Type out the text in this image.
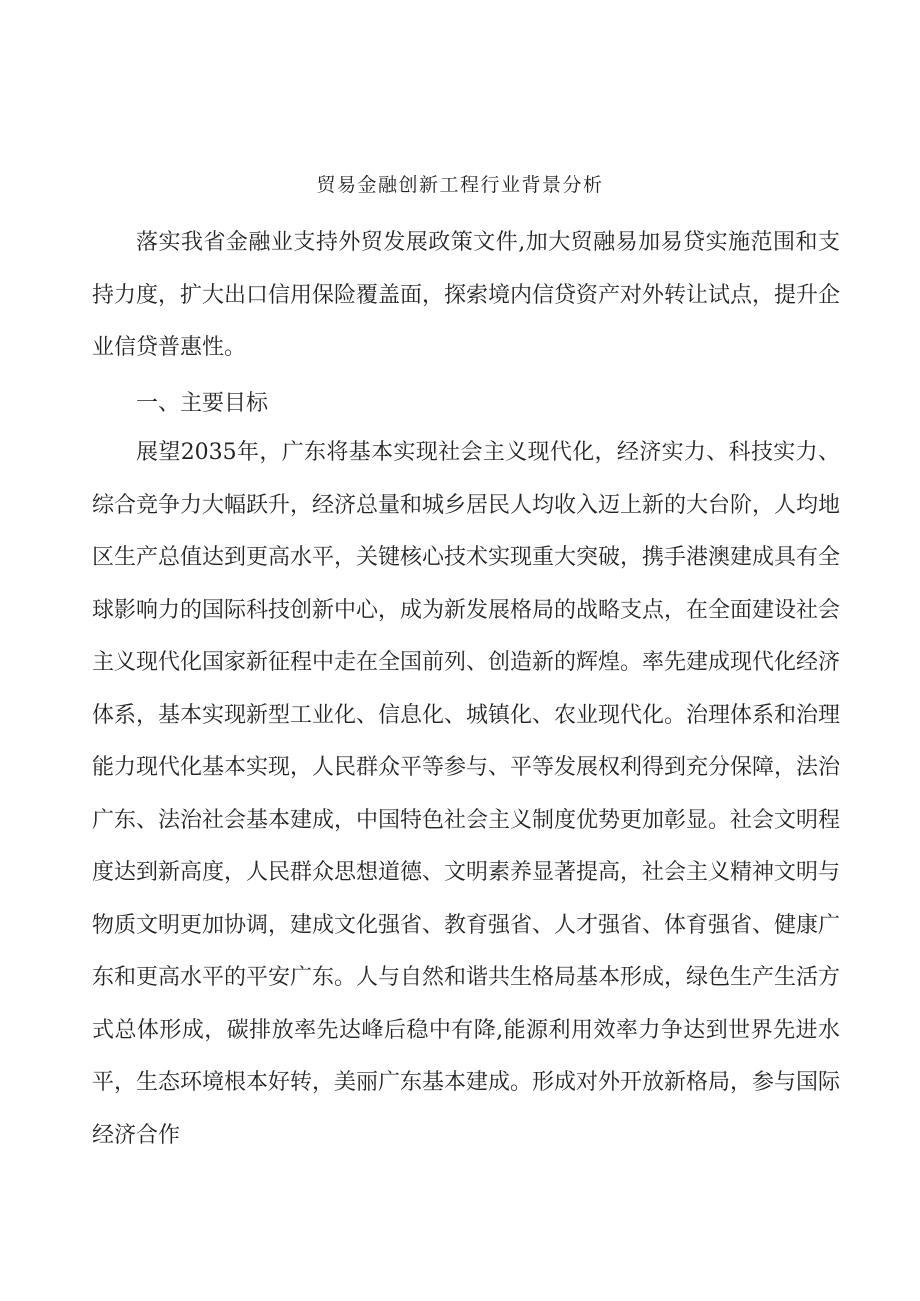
贸易金融创新工程行业背景分析

落实我省金融业支持外贸发展政策文件,加大贸融易加易贷实施范围和支持力度，扩大出口信用保险覆盖面，探索境内信贷资产对外转让试点，提升企业信贷普惠性。

一、主要目标

展望2035年，广东将基本实现社会主义现代化，经济实力、科技实力、综合竞争力大幅跃升，经济总量和城乡居民人均收入迈上新的大台阶，人均地区生产总值达到更高水平，关键核心技术实现重大突破，携手港澳建成具有全球影响力的国际科技创新中心，成为新发展格局的战略支点，在全面建设社会主义现代化国家新征程中走在全国前列、创造新的辉煌。率先建成现代化经济体系，基本实现新型工业化、信息化、城镇化、农业现代化。治理体系和治理能力现代化基本实现，人民群众平等参与、平等发展权利得到充分保障，法治广东、法治社会基本建成，中国特色社会主义制度优势更加彰显。社会文明程度达到新高度，人民群众思想道德、文明素养显著提高，社会主义精神文明与物质文明更加协调，建成文化强省、教育强省、人才强省、体育强省、健康广东和更高水平的平安广东。人与自然和谐共生格局基本形成，绿色生产生活方式总体形成，碳排放率先达峰后稳中有降,能源利用效率力争达到世界先进水平，生态环境根本好转，美丽广东基本建成。形成对外开放新格局，参与国际经济合作
